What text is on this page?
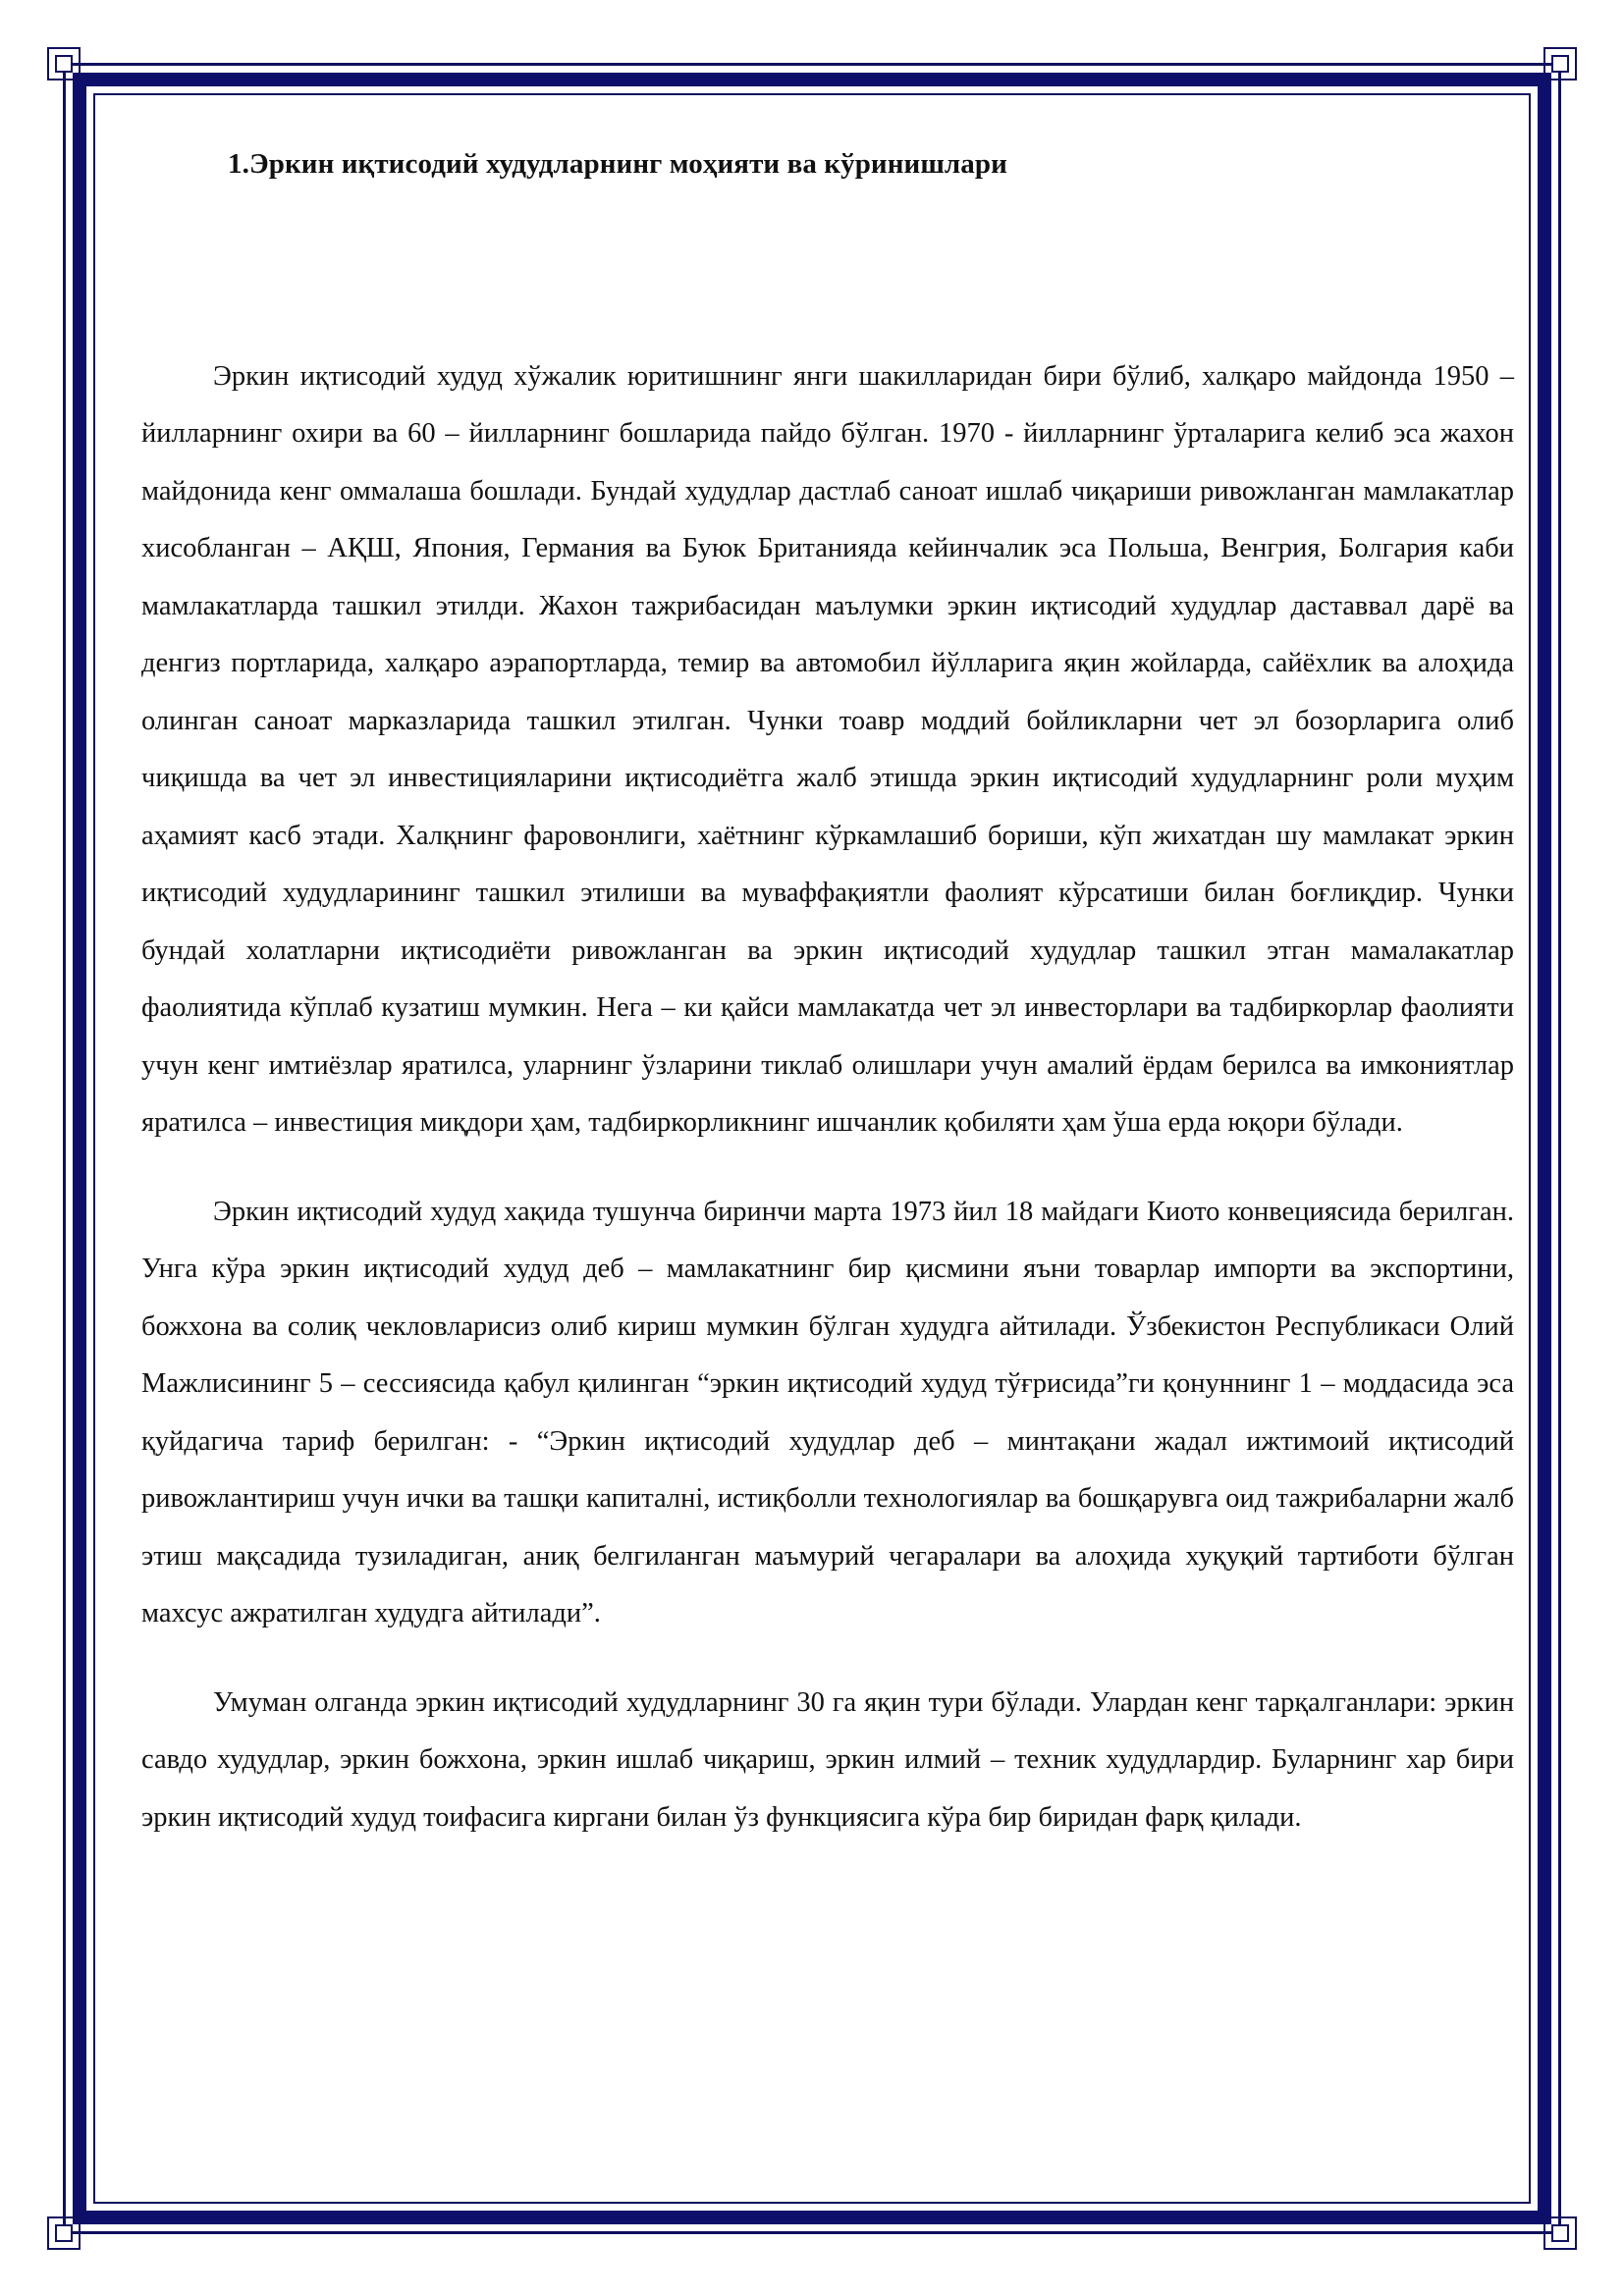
1.Эркин иқтисодий худудларнинг моҳияти ва кўринишлари

Эркин иқтисодий худуд хўжалик юритишнинг янги шакилларидан бири бўлиб, халқаро майдонда 1950 – йилларнинг охири ва 60 – йилларнинг бошларида пайдо бўлган. 1970 - йилларнинг ўрталарига келиб эса жахон майдонида кенг оммалаша бошлади. Бундай худудлар дастлаб саноат ишлаб чиқариши ривожланган мамлакатлар хисобланган – АҚШ, Япония, Германия ва Буюк Британияда кейинчалик эса Польша, Венгрия, Болгария каби мамлакатларда ташкил этилди. Жахон тажрибасидан маълумки эркин иқтисодий худудлар даставвал дарё ва денгиз портларида, халқаро аэрапортларда, темир ва автомобил йўлларига яқин жойларда, сайёхлик ва алоҳида олинган саноат марказларида ташкил этилган. Чунки тоавр моддий бойликларни чет эл бозорларига олиб чиқишда ва чет эл инвестицияларини иқтисодиётга жалб этишда эркин иқтисодий худудларнинг роли муҳим аҳамият касб этади. Халқнинг фаровонлиги, хаётнинг кўркамлашиб бориши, кўп жихатдан шу мамлакат эркин иқтисодий худудларининг ташкил этилиши ва муваффақиятли фаолият кўрсатиши билан боғлиқдир. Чунки бундай холатларни иқтисодиёти ривожланган ва эркин иқтисодий худудлар ташкил этган мамалакатлар фаолиятида кўплаб кузатиш мумкин. Нега – ки қайси мамлакатда чет эл инвесторлари ва тадбиркорлар фаолияти учун кенг имтиёзлар яратилса, уларнинг ўзларини тиклаб олишлари учун амалий ёрдам берилса ва имкониятлар яратилса – инвестиция миқдори ҳам, тадбиркорликнинг ишчанлик қобиляти ҳам ўша ерда юқори бўлади.

Эркин иқтисодий худуд хақида тушунча биринчи марта 1973 йил 18 майдаги Киото конвециясида берилган. Унга кўра эркин иқтисодий худуд деб – мамлакатнинг бир қисмини яъни товарлар импорти ва экспортини, божхона ва солиқ чекловларисиз олиб кириш мумкин бўлган худудга айтилади. Ўзбекистон Республикаси Олий Мажлисининг 5 – сессиясида қабул қилинган “эркин иқтисодий худуд тўғрисида”ги қонуннинг 1 – моддасида эса қуйдагича тариф берилган: - “Эркин иқтисодий худудлар деб – минтақани жадал ижтимоий иқтисодий ривожлантириш учун ички ва ташқи капиталнi, истиқболли технологиялар ва бошқарувга оид тажрибаларни жалб этиш мақсадида тузиладиган, аниқ белгиланган маъмурий чегаралари ва алоҳида хуқуқий тартиботи бўлган махсус ажратилган худудга айтилади”.

Умуман олганда эркин иқтисодий худудларнинг 30 га яқин тури бўлади. Улардан кенг тарқалганлари: эркин савдо худудлар, эркин божхона, эркин ишлаб чиқариш, эркин илмий – техник худудлардир. Буларнинг хар бири эркин иқтисодий худуд тоифасига киргани билан ўз функциясига кўра бир биридан фарқ қилади.
